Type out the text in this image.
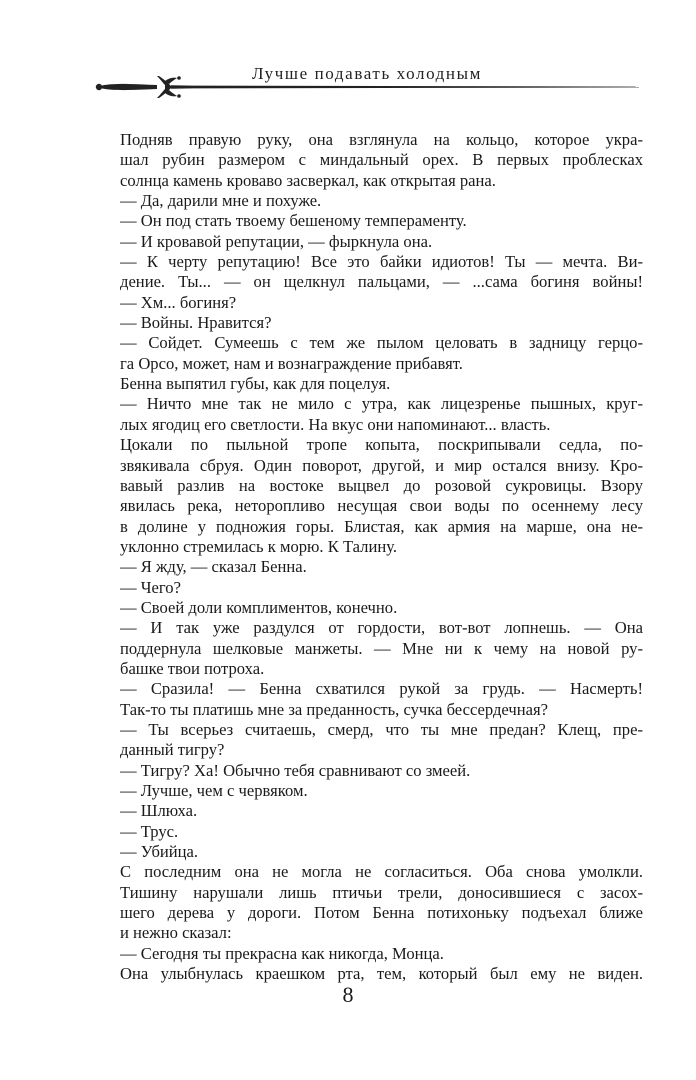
Лучше подавать холодным
Подняв правую руку, она взглянула на кольцо, которое укра-
шал рубин размером с миндальный орех. В первых проблесках
солнца камень кроваво засверкал, как открытая рана.
— Да, дарили мне и похуже.
— Он под стать твоему бешеному темпераменту.
— И кровавой репутации, — фыркнула она.
— К черту репутацию! Все это байки идиотов! Ты — мечта. Ви-
дение. Ты... — он щелкнул пальцами, — ...сама богиня войны!
— Хм... богиня?
— Войны. Нравится?
— Сойдет. Сумеешь с тем же пылом целовать в задницу герцо-
га Орсо, может, нам и вознаграждение прибавят.
Бенна выпятил губы, как для поцелуя.
— Ничто мне так не мило с утра, как лицезренье пышных, круг-
лых ягодиц его светлости. На вкус они напоминают... власть.
Цокали по пыльной тропе копыта, поскрипывали седла, по-
звякивала сбруя. Один поворот, другой, и мир остался внизу. Кро-
вавый разлив на востоке выцвел до розовой сукровицы. Взору
явилась река, неторопливо несущая свои воды по осеннему лесу
в долине у подножия горы. Блистая, как армия на марше, она не-
уклонно стремилась к морю. К Талину.
— Я жду, — сказал Бенна.
— Чего?
— Своей доли комплиментов, конечно.
— И так уже раздулся от гордости, вот-вот лопнешь. — Она
поддернула шелковые манжеты. — Мне ни к чему на новой ру-
башке твои потроха.
— Сразила! — Бенна схватился рукой за грудь. — Насмерть!
Так-то ты платишь мне за преданность, сучка бессердечная?
— Ты всерьез считаешь, смерд, что ты мне предан? Клещ, пре-
данный тигру?
— Тигру? Ха! Обычно тебя сравнивают со змеей.
— Лучше, чем с червяком.
— Шлюха.
— Трус.
— Убийца.
С последним она не могла не согласиться. Оба снова умолкли.
Тишину нарушали лишь птичьи трели, доносившиеся с засох-
шего дерева у дороги. Потом Бенна потихоньку подъехал ближе
и нежно сказал:
— Сегодня ты прекрасна как никогда, Монца.
Она улыбнулась краешком рта, тем, который был ему не виден.
8
